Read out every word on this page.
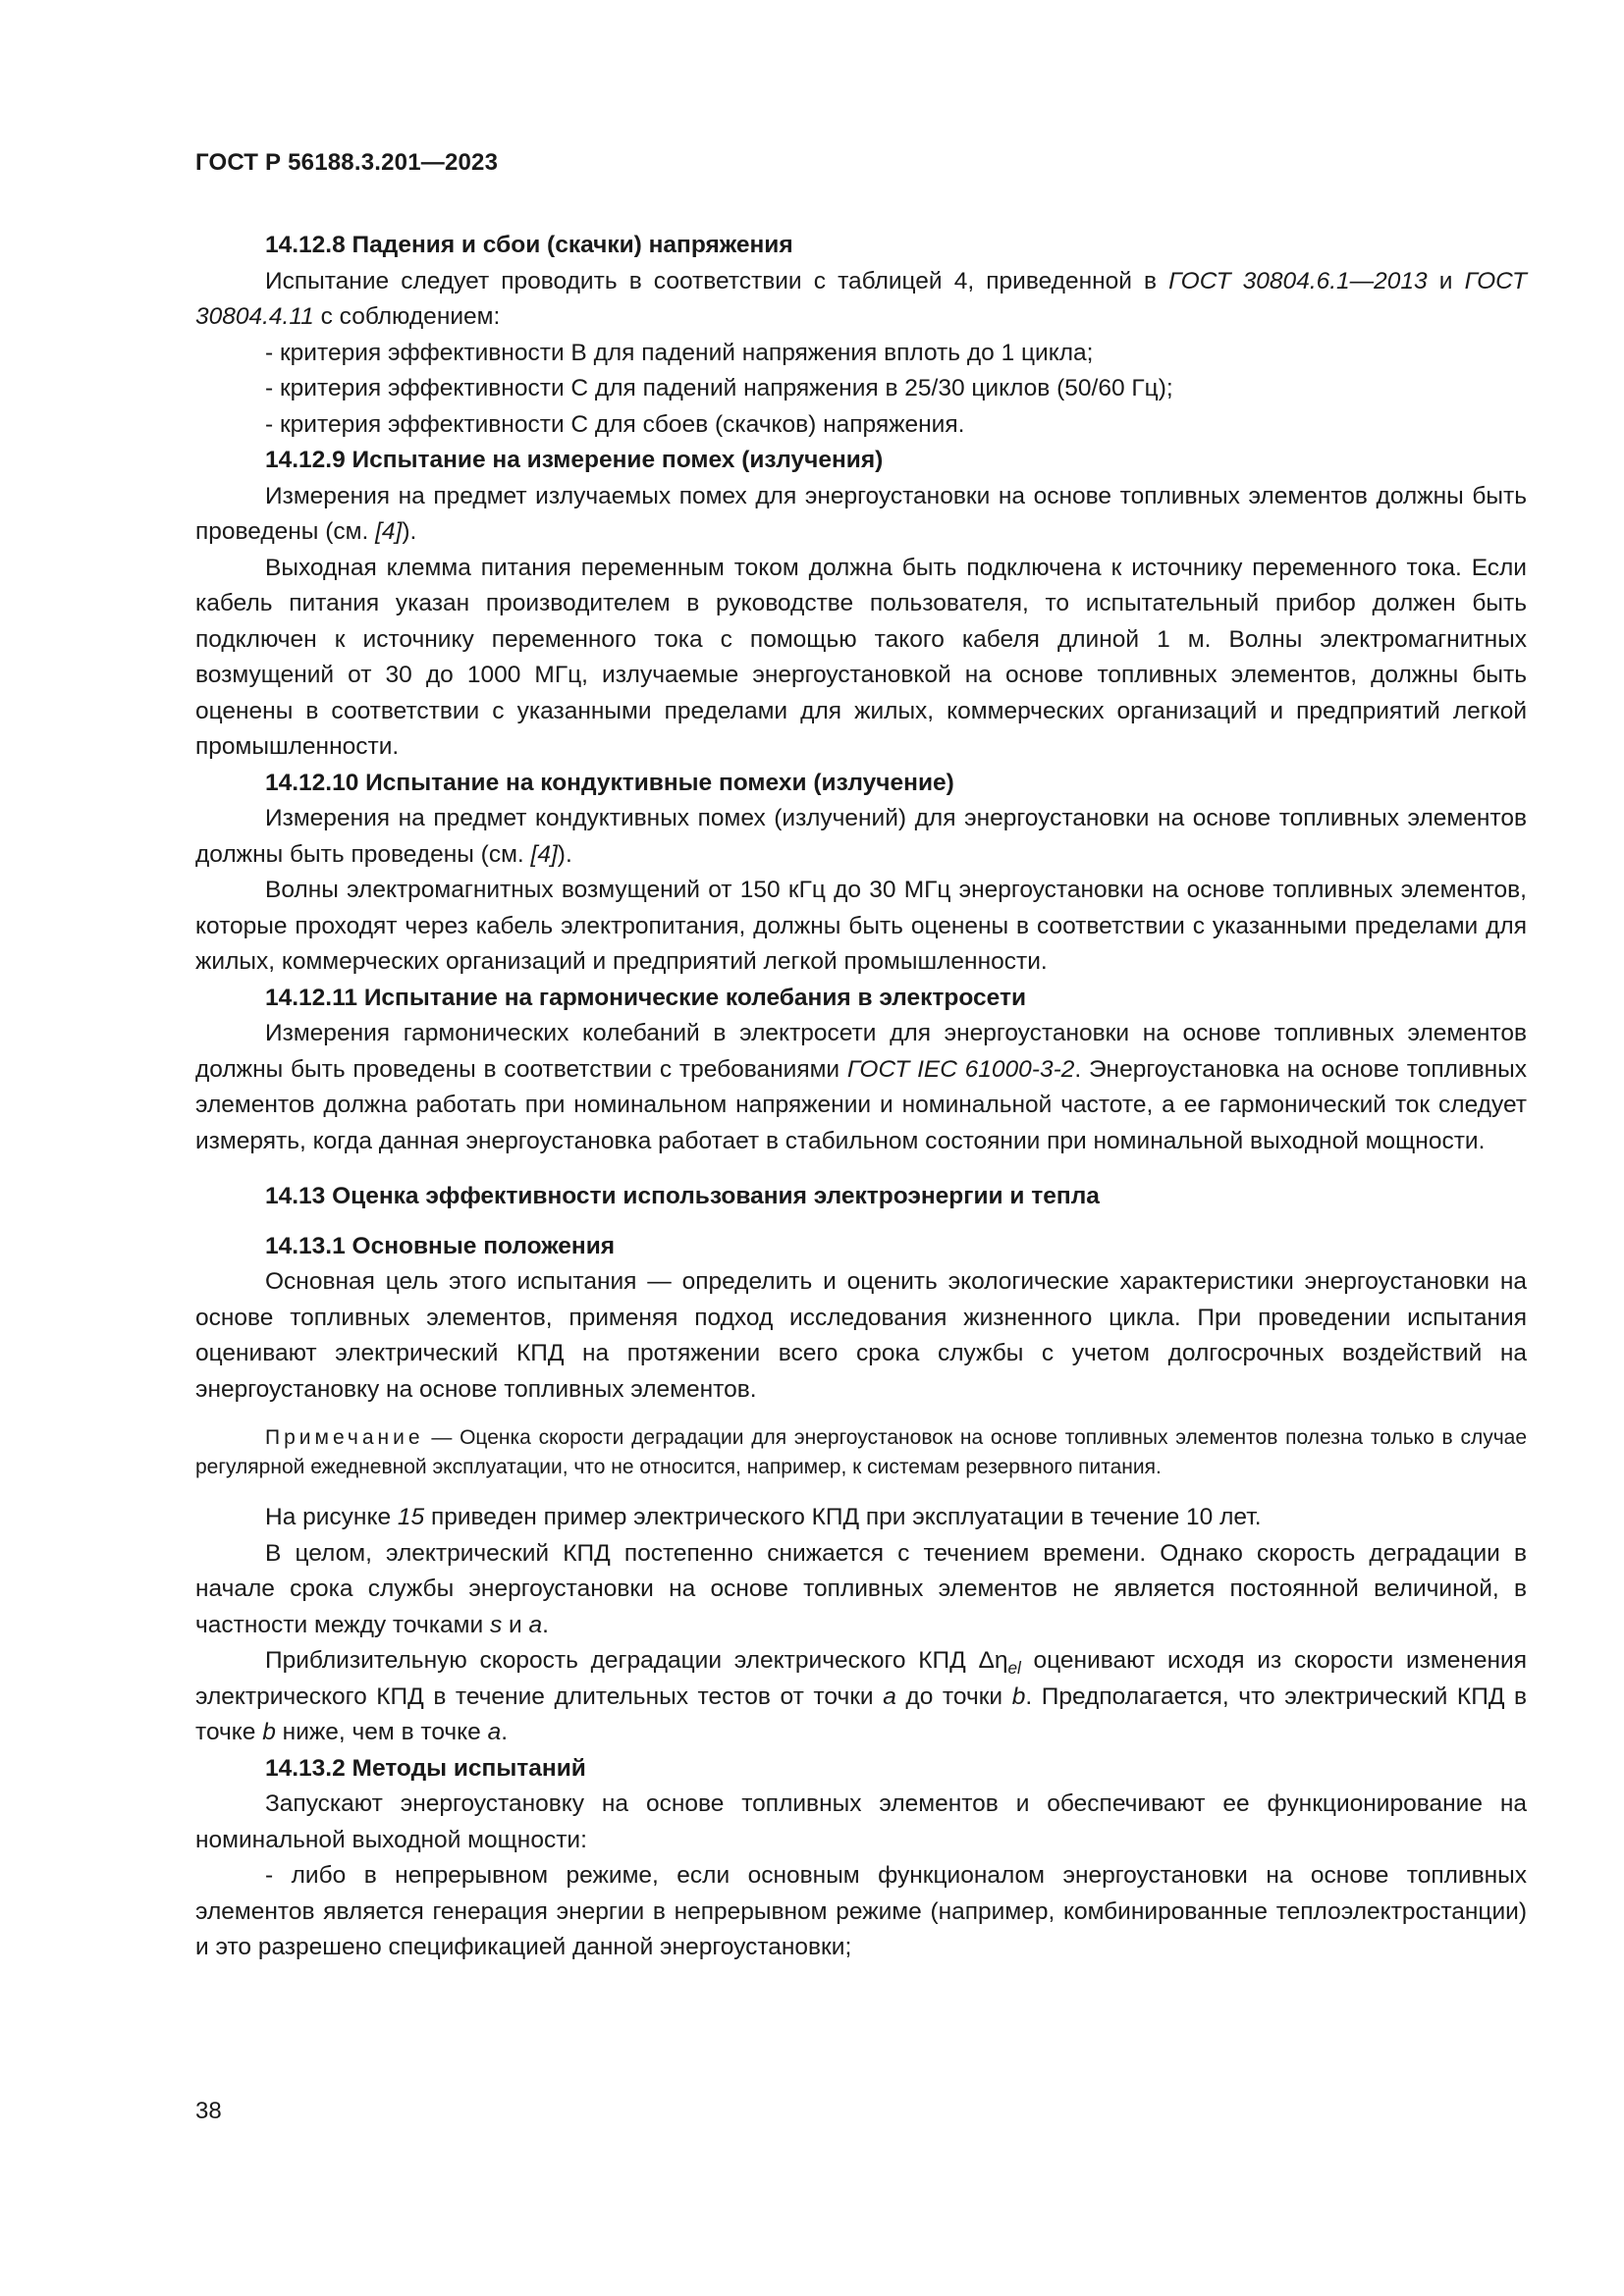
ГОСТ Р 56188.3.201—2023

14.12.8 Падения и сбои (скачки) напряжения

Испытание следует проводить в соответствии с таблицей 4, приведенной в ГОСТ 30804.6.1—2013 и ГОСТ 30804.4.11 с соблюдением:

- критерия эффективности В для падений напряжения вплоть до 1 цикла;

- критерия эффективности С для падений напряжения в 25/30 циклов (50/60 Гц);

- критерия эффективности С для сбоев (скачков) напряжения.

14.12.9 Испытание на измерение помех (излучения)

Измерения на предмет излучаемых помех для энергоустановки на основе топливных элементов должны быть проведены (см. [4]).

Выходная клемма питания переменным током должна быть подключена к источнику переменного тока. Если кабель питания указан производителем в руководстве пользователя, то испытательный прибор должен быть подключен к источнику переменного тока с помощью такого кабеля длиной 1 м. Волны электромагнитных возмущений от 30 до 1000 МГц, излучаемые энергоустановкой на основе топливных элементов, должны быть оценены в соответствии с указанными пределами для жилых, коммерческих организаций и предприятий легкой промышленности.

14.12.10 Испытание на кондуктивные помехи (излучение)

Измерения на предмет кондуктивных помех (излучений) для энергоустановки на основе топливных элементов должны быть проведены (см. [4]).

Волны электромагнитных возмущений от 150 кГц до 30 МГц энергоустановки на основе топливных элементов, которые проходят через кабель электропитания, должны быть оценены в соответствии с указанными пределами для жилых, коммерческих организаций и предприятий легкой промышленности.

14.12.11 Испытание на гармонические колебания в электросети

Измерения гармонических колебаний в электросети для энергоустановки на основе топливных элементов должны быть проведены в соответствии с требованиями ГОСТ IEC 61000-3-2. Энергоустановка на основе топливных элементов должна работать при номинальном напряжении и номинальной частоте, а ее гармонический ток следует измерять, когда данная энергоустановка работает в стабильном состоянии при номинальной выходной мощности.

14.13 Оценка эффективности использования электроэнергии и тепла

14.13.1 Основные положения

Основная цель этого испытания — определить и оценить экологические характеристики энергоустановки на основе топливных элементов, применяя подход исследования жизненного цикла. При проведении испытания оценивают электрический КПД на протяжении всего срока службы с учетом долгосрочных воздействий на энергоустановку на основе топливных элементов.

Примечание — Оценка скорости деградации для энергоустановок на основе топливных элементов полезна только в случае регулярной ежедневной эксплуатации, что не относится, например, к системам резервного питания.

На рисунке 15 приведен пример электрического КПД при эксплуатации в течение 10 лет.

В целом, электрический КПД постепенно снижается с течением времени. Однако скорость деградации в начале срока службы энергоустановки на основе топливных элементов не является постоянной величиной, в частности между точками s и a.

Приблизительную скорость деградации электрического КПД $\Delta\eta_{el}$ оценивают исходя из скорости изменения электрического КПД в течение длительных тестов от точки a до точки b. Предполагается, что электрический КПД в точке b ниже, чем в точке a.

14.13.2 Методы испытаний

Запускают энергоустановку на основе топливных элементов и обеспечивают ее функционирование на номинальной выходной мощности:

- либо в непрерывном режиме, если основным функционалом энергоустановки на основе топливных элементов является генерация энергии в непрерывном режиме (например, комбинированные теплоэлектростанции) и это разрешено спецификацией данной энергоустановки;

38
